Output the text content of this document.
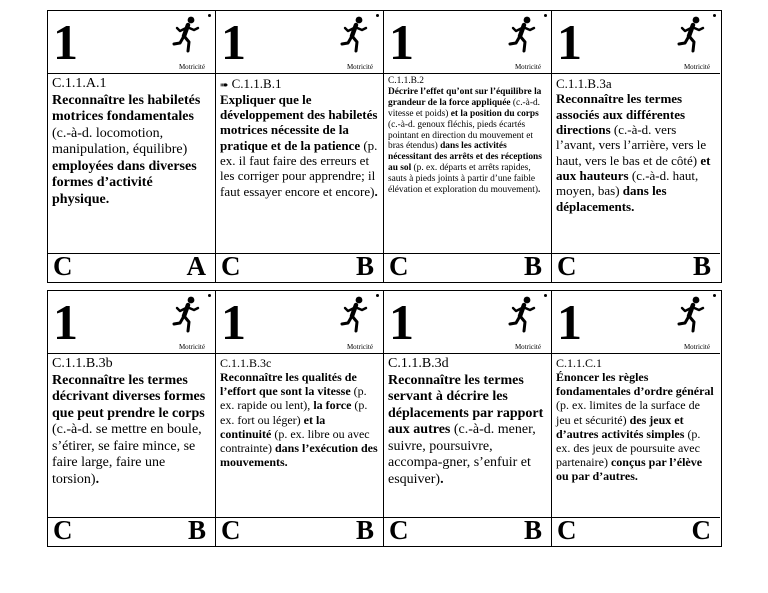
1	Motricité
C.1.1.A.1
Reconnaître les habiletés motrices fondamentales (c.-à-d. locomotion, manipulation, équilibre) employées dans diverses formes d’activité physique.
C	A
1	Motricité
➠ C.1.1.B.1
Expliquer que le développement des habiletés motrices nécessite de la pratique et de la patience (p. ex. il faut faire des erreurs et les corriger pour apprendre; il faut essayer encore et encore).
C	B
1	Motricité
C.1.1.B.2
Décrire l’effet qu’ont sur l’équilibre la grandeur de la force appliquée (c.-à-d. vitesse et poids) et la position du corps (c.-à-d. genoux fléchis, pieds écartés pointant en direction du mouvement et bras étendus) dans les activités nécessitant des arrêts et des réceptions au sol (p. ex. départs et arrêts rapides, sauts à pieds joints à partir d’une faible élévation et exploration du mouvement).
C	B
1	Motricité
C.1.1.B.3a
Reconnaître les termes associés aux différentes directions (c.-à-d. vers l’avant, vers l’arrière, vers le haut, vers le bas et de côté) et aux hauteurs (c.-à-d. haut, moyen, bas) dans les déplacements.
C	B
1	Motricité
C.1.1.B.3b
Reconnaître les termes décrivant diverses formes que peut prendre le corps (c.-à-d. se mettre en boule, s’étirer, se faire mince, se faire large, faire une torsion).
C	B
1	Motricité
C.1.1.B.3c
Reconnaître les qualités de l’effort que sont la vitesse (p. ex. rapide ou lent), la force (p. ex. fort ou léger) et la continuité (p. ex. libre ou avec contrainte) dans l’exécution des mouvements.
C	B
1	Motricité
C.1.1.B.3d
Reconnaître les termes servant à décrire les déplacements par rapport aux autres (c.-à-d. mener, suivre, poursuivre, accompa-gner, s’enfuir et esquiver).
C	B
1	Motricité
C.1.1.C.1
Énoncer les règles fondamentales d’ordre général (p. ex. limites de la surface de jeu et sécurité) des jeux et d’autres activités simples (p. ex. des jeux de poursuite avec partenaire) conçus par l’élève ou par d’autres.
C	C
